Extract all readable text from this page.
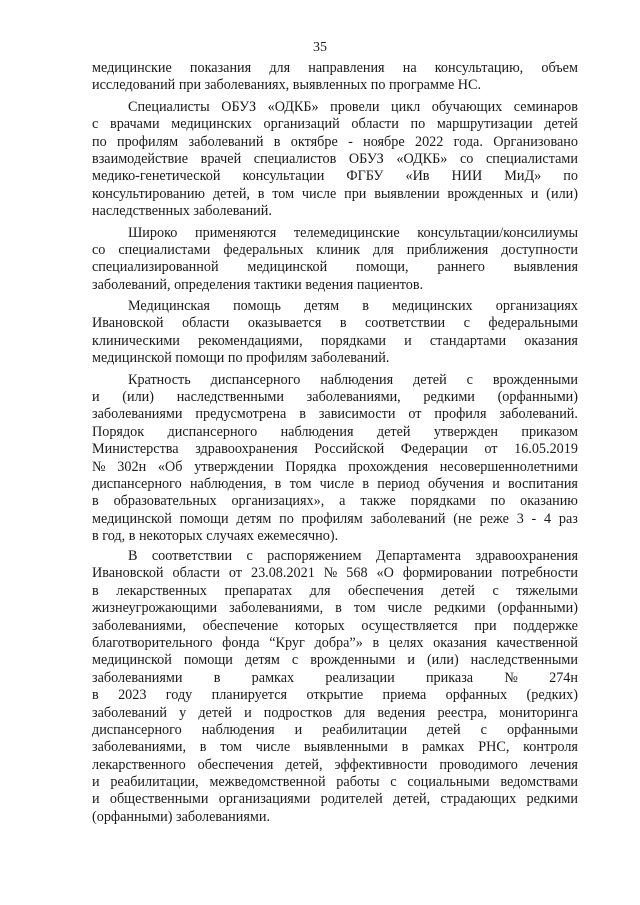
35

медицинские показания для направления на консультацию, объем
исследований при заболеваниях, выявленных по программе НС.

Специалисты ОБУЗ «ОДКБ» провели цикл обучающих семинаров
с врачами медицинских организаций области по маршрутизации детей
по профилям заболеваний в октябре - ноябре 2022 года. Организовано
взаимодействие врачей специалистов ОБУЗ «ОДКБ» со специалистами
медико-генетической консультации ФГБУ «Ив НИИ МиД» по
консультированию детей, в том числе при выявлении врожденных и (или)
наследственных заболеваний.

Широко применяются телемедицинские консультации/консилиумы
со специалистами федеральных клиник для приближения доступности
специализированной медицинской помощи, раннего выявления
заболеваний, определения тактики ведения пациентов.

Медицинская помощь детям в медицинских организациях
Ивановской области оказывается в соответствии с федеральными
клиническими рекомендациями, порядками и стандартами оказания
медицинской помощи по профилям заболеваний.

Кратность диспансерного наблюдения детей с врожденными
и (или) наследственными заболеваниями, редкими (орфанными)
заболеваниями предусмотрена в зависимости от профиля заболеваний.
Порядок диспансерного наблюдения детей утвержден приказом
Министерства здравоохранения Российской Федерации от 16.05.2019
№ 302н «Об утверждении Порядка прохождения несовершеннолетними
диспансерного наблюдения, в том числе в период обучения и воспитания
в образовательных организациях», а также порядками по оказанию
медицинской помощи детям по профилям заболеваний (не реже 3 - 4 раз
в год, в некоторых случаях ежемесячно).

В соответствии с распоряжением Департамента здравоохранения
Ивановской области от 23.08.2021 № 568 «О формировании потребности
в лекарственных препаратах для обеспечения детей с тяжелыми
жизнеугрожающими заболеваниями, в том числе редкими (орфанными)
заболеваниями, обеспечение которых осуществляется при поддержке
благотворительного фонда “Круг добра”» в целях оказания качественной
медицинской помощи детям с врожденными и (или) наследственными
заболеваниями в рамках реализации приказа № 274н
в 2023 году планируется открытие приема орфанных (редких)
заболеваний у детей и подростков для ведения реестра, мониторинга
диспансерного наблюдения и реабилитации детей с орфанными
заболеваниями, в том числе выявленными в рамках РНС, контроля
лекарственного обеспечения детей, эффективности проводимого лечения
и реабилитации, межведомственной работы с социальными ведомствами
и общественными организациями родителей детей, страдающих редкими
(орфанными) заболеваниями.
